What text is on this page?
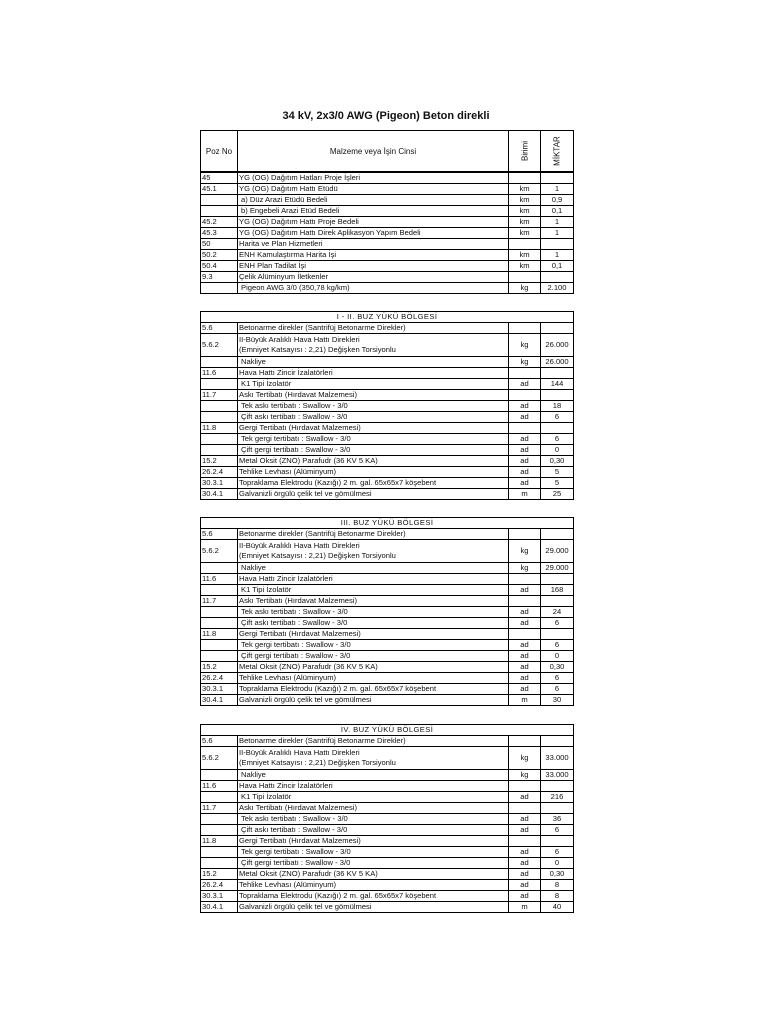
34 kV, 2x3/0 AWG (Pigeon) Beton direkli
Poz No	Malzeme veya İşin Cinsi	Birimi	MİKTAR
45	YG (OG) Dağıtım Hatları Proje İşleri		

45.1	YG (OG) Dağıtım Hattı Etüdü	km	1

	a) Düz Arazi Etüdü Bedeli	km	0,9

	b) Engebeli Arazi Etüd Bedeli	km	0,1
45.2	YG (OG) Dağıtım Hattı Proje Bedeli	km	1
45.3	YG (OG) Dağıtım Hattı Direk Aplikasyon Yapım Bedeli	km	1
50	Harita ve Plan Hizmetleri		

50.2	ENH Kamulaştırma Harita İşi	km	1
50.4	ENH Plan Tadilat İşi	km	0,1
9.3	Çelik Alüminyum İletkenler		

	Pigeon AWG 3/0 (350,78 kg/km)	kg	2.100
I - II. BUZ YÜKÜ BÖLGESİ			
5.6	Betonarme direkler (Santrifüj Betonarme Direkler)		

5.6.2	II-Büyük Aralıklı Hava Hattı Direkleri
(Emniyet Katsayısı : 2,21) Değişken Torsiyonlu	kg	26.000

	Nakliye	kg	26.000
11.6	Hava Hattı Zincir İzalatörleri		

	K1 Tipi İzolatör	ad	144
11.7	Askı Tertibatı (Hırdavat Malzemesi)		

	Tek askı tertibatı : Swallow - 3/0	ad	18

	Çift askı tertibatı : Swallow - 3/0	ad	6
11.8	Gergi Tertibatı (Hırdavat Malzemesi)		

	Tek gergi tertibatı : Swallow - 3/0	ad	6

	Çift gergi tertibatı : Swallow - 3/0	ad	0
15.2	Metal Oksit (ZNO) Parafudr (36 KV 5 KA)	ad	0,30
26.2.4	Tehlike Levhası (Alüminyum)	ad	5
30.3.1	Topraklama Elektrodu (Kazığı) 2 m. gal. 65x65x7 köşebent	ad	5
30.4.1	Galvanizli örgülü çelik tel ve gömülmesi	m	25
III. BUZ YÜKÜ BÖLGESİ			
5.6	Betonarme direkler (Santrifüj Betonarme Direkler)		

5.6.2	II-Büyük Aralıklı Hava Hattı Direkleri
(Emniyet Katsayısı : 2,21) Değişken Torsiyonlu	kg	29.000

	Nakliye	kg	29.000
11.6	Hava Hattı Zincir İzalatörleri		

	K1 Tipi İzolatör	ad	168
11.7	Askı Tertibatı (Hırdavat Malzemesi)		

	Tek askı tertibatı : Swallow - 3/0	ad	24

	Çift askı tertibatı : Swallow - 3/0	ad	6
11.8	Gergi Tertibatı (Hırdavat Malzemesi)		

	Tek gergi tertibatı : Swallow - 3/0	ad	6

	Çift gergi tertibatı : Swallow - 3/0	ad	0
15.2	Metal Oksit (ZNO) Parafudr (36 KV 5 KA)	ad	0,30
26.2.4	Tehlike Levhası (Alüminyum)	ad	6
30.3.1	Topraklama Elektrodu (Kazığı) 2 m. gal. 65x65x7 köşebent	ad	6
30.4.1	Galvanizli örgülü çelik tel ve gömülmesi	m	30
IV. BUZ YÜKÜ BÖLGESİ			
5.6	Betonarme direkler (Santrifüj Betonarme Direkler)		

5.6.2	II-Büyük Aralıklı Hava Hattı Direkleri
(Emniyet Katsayısı : 2,21) Değişken Torsiyonlu	kg	33.000

	Nakliye	kg	33.000
11.6	Hava Hattı Zincir İzalatörleri		

	K1 Tipi İzolatör	ad	216
11.7	Askı Tertibatı (Hırdavat Malzemesi)		

	Tek askı tertibatı : Swallow - 3/0	ad	36

	Çift askı tertibatı : Swallow - 3/0	ad	6
11.8	Gergi Tertibatı (Hırdavat Malzemesi)		

	Tek gergi tertibatı : Swallow - 3/0	ad	6

	Çift gergi tertibatı : Swallow - 3/0	ad	0
15.2	Metal Oksit (ZNO) Parafudr (36 KV 5 KA)	ad	0,30
26.2.4	Tehlike Levhası (Alüminyum)	ad	8
30.3.1	Topraklama Elektrodu (Kazığı) 2 m. gal. 65x65x7 köşebent	ad	8
30.4.1	Galvanizli örgülü çelik tel ve gömülmesi	m	40
